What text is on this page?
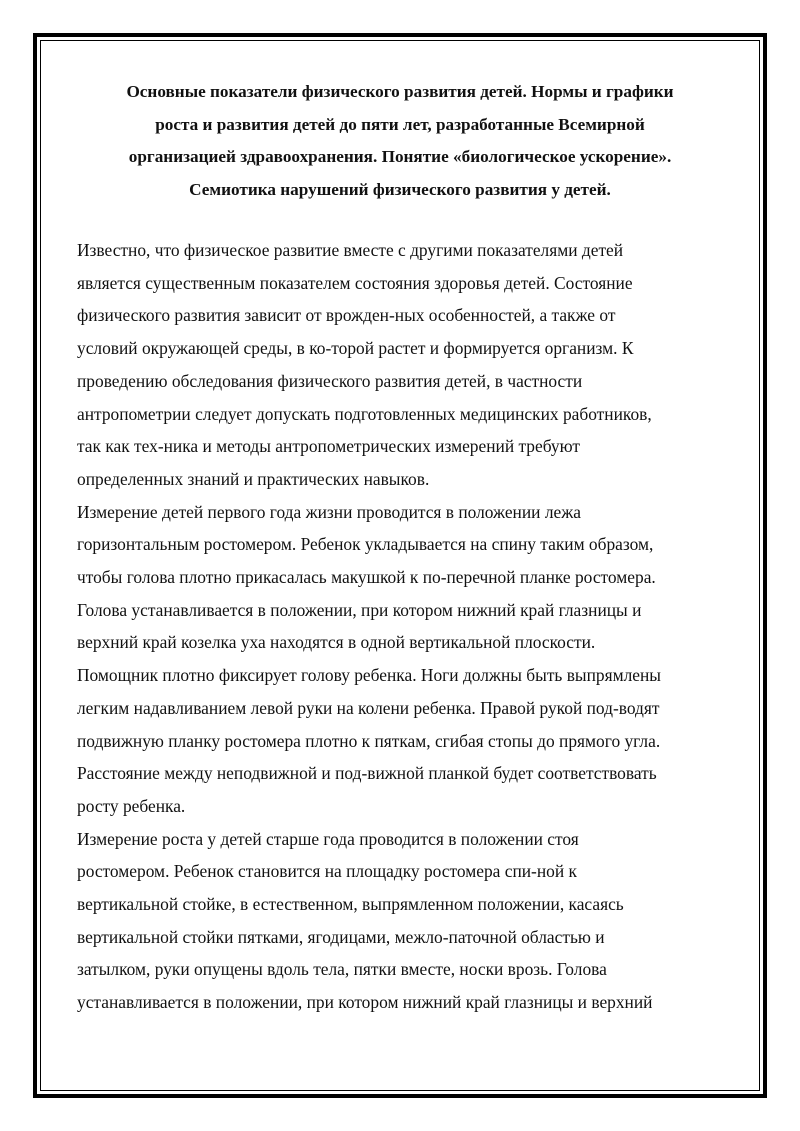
Основные показатели физического развития детей. Нормы и графики
роста и развития детей до пяти лет, разработанные Всемирной
организацией здравоохранения. Понятие «биологическое ускорение».
Семиотика нарушений физического развития у детей.
Известно, что физическое развитие вместе с другими показателями детей
является существенным показателем состояния здоровья детей. Состояние
физического развития зависит от врожден-ных особенностей, а также от
условий окружающей среды, в ко-торой растет и формируется организм. К
проведению обследования физического развития детей, в частности
антропометрии следует допускать подготовленных медицинских работников,
так как тех-ника и методы антропометрических измерений требуют
определенных знаний и практических навыков.
Измерение детей первого года жизни проводится в положении лежа
горизонтальным ростомером. Ребенок укладывается на спину таким образом,
чтобы голова плотно прикасалась макушкой к по-перечной планке ростомера.
Голова устанавливается в положении, при котором нижний край глазницы и
верхний край козелка уха находятся в одной вертикальной плоскости.
Помощник плотно фиксирует голову ребенка. Ноги должны быть выпрямлены
легким надавливанием левой руки на колени ребенка. Правой рукой под-водят
подвижную планку ростомера плотно к пяткам, сгибая стопы до прямого угла.
Расстояние между неподвижной и под-вижной планкой будет соответствовать
росту ребенка.
Измерение роста у детей старше года проводится в положении стоя
ростомером. Ребенок становится на площадку ростомера спи-ной к
вертикальной стойке, в естественном, выпрямленном положении, касаясь
вертикальной стойки пятками, ягодицами, межло-паточной областью и
затылком, руки опущены вдоль тела, пятки вместе, носки врозь. Голова
устанавливается в положении, при котором нижний край глазницы и верхний
